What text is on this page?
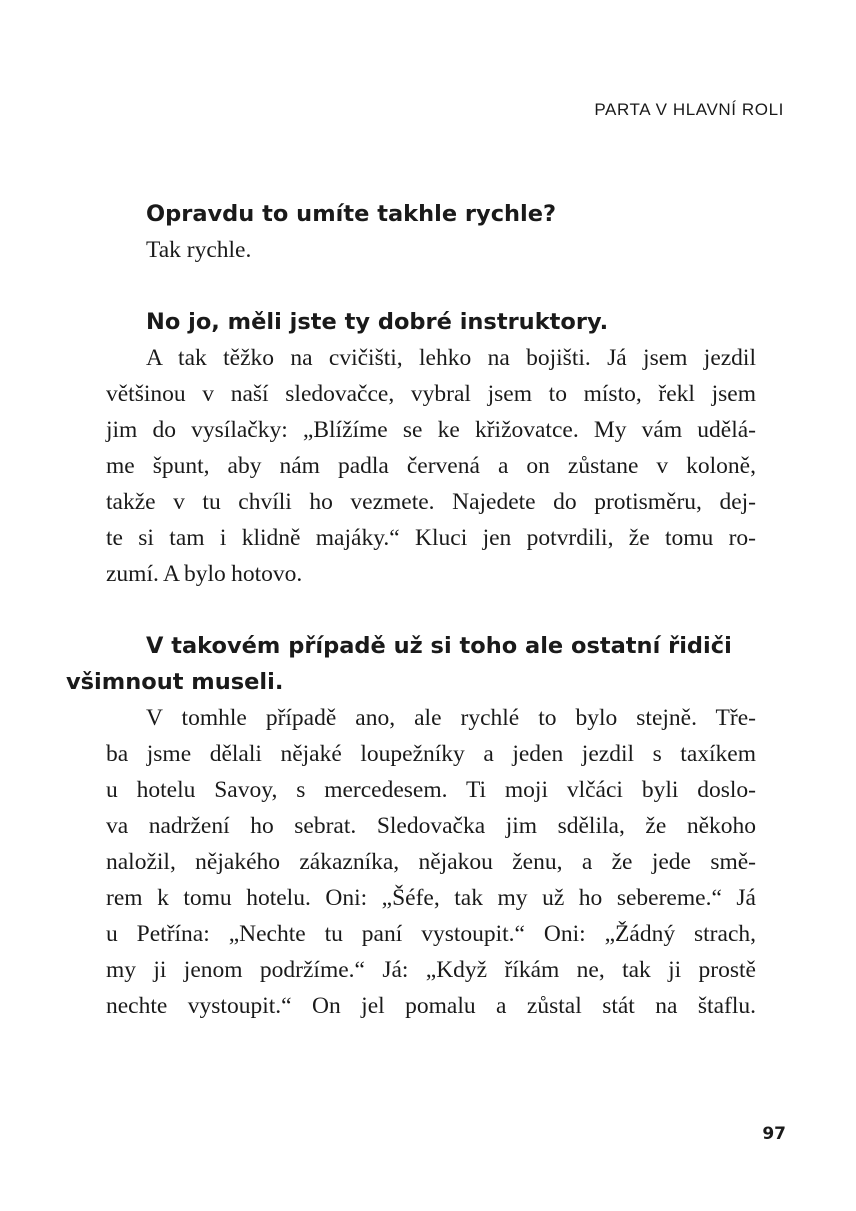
PARTA V HLAVNÍ ROLI

Opravdu to umíte takhle rychle?

Tak rychle.

No jo, měli jste ty dobré instruktory.

A tak těžko na cvičišti, lehko na bojišti. Já jsem jezdil
většinou v naší sledovačce, vybral jsem to místo, řekl jsem
jim do vysílačky: „Blížíme se ke křižovatce. My vám udělá-
me špunt, aby nám padla červená a on zůstane v koloně,
takže v tu chvíli ho vezmete. Najedete do protisměru, dej-
te si tam i klidně majáky.“ Kluci jen potvrdili, že tomu ro-
zumí. A bylo hotovo.

V takovém případě už si toho ale ostatní řidiči
všimnout museli.

V tomhle případě ano, ale rychlé to bylo stejně. Tře-
ba jsme dělali nějaké loupežníky a jeden jezdil s taxíkem
u hotelu Savoy, s mercedesem. Ti moji vlčáci byli doslo-
va nadržení ho sebrat. Sledovačka jim sdělila, že někoho
naložil, nějakého zákazníka, nějakou ženu, a že jede smě-
rem k tomu hotelu. Oni: „Šéfe, tak my už ho sebereme.“ Já
u Petřína: „Nechte tu paní vystoupit.“ Oni: „Žádný strach,
my ji jenom podržíme.“ Já: „Když říkám ne, tak ji prostě
nechte vystoupit.“ On jel pomalu a zůstal stát na štaflu.

97
